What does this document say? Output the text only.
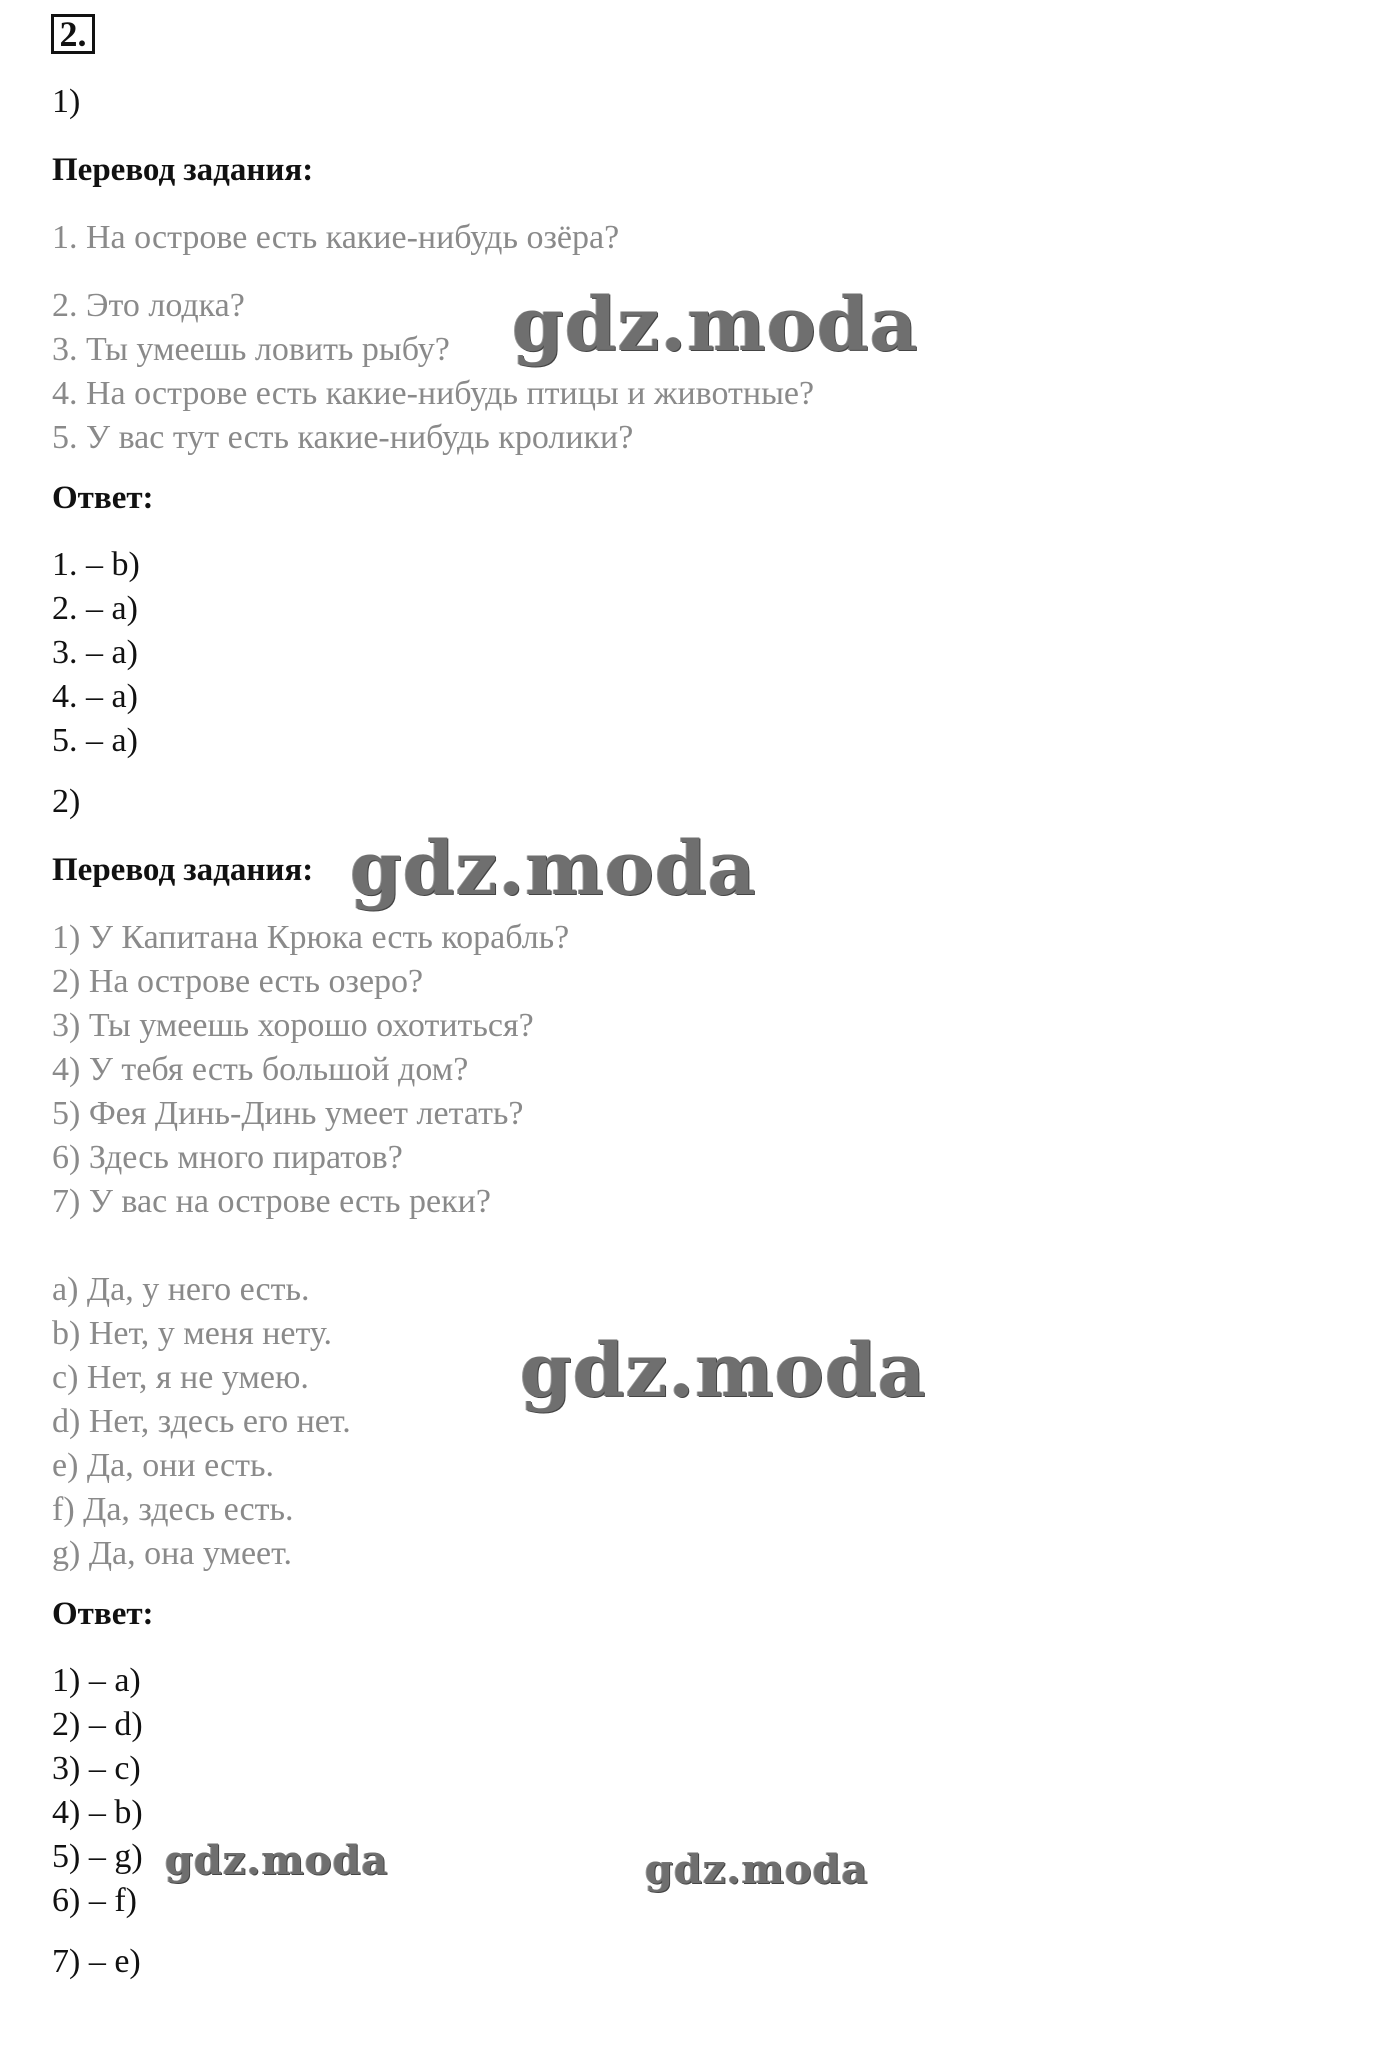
2.
1)
Перевод задания:
1. На острове есть какие-нибудь озёра?
2. Это лодка?
3. Ты умеешь ловить рыбу?
4. На острове есть какие-нибудь птицы и животные?
5. У вас тут есть какие-нибудь кролики?
Ответ:
1. – b)
2. – a)
3. – a)
4. – a)
5. – a)
2)
Перевод задания:
1) У Капитана Крюка есть корабль?
2) На острове есть озеро?
3) Ты умеешь хорошо охотиться?
4) У тебя есть большой дом?
5) Фея Динь-Динь умеет летать?
6) Здесь много пиратов?
7) У вас на острове есть реки?
a) Да, у него есть.
b) Нет, у меня нету.
c) Нет, я не умею.
d) Нет, здесь его нет.
e) Да, они есть.
f) Да, здесь есть.
g) Да, она умеет.
Ответ:
1) – a)
2) – d)
3) – c)
4) – b)
5) – g)
6) – f)
7) – e)
gdz.moda
gdz.moda
gdz.moda
gdz.moda	gdz.moda
